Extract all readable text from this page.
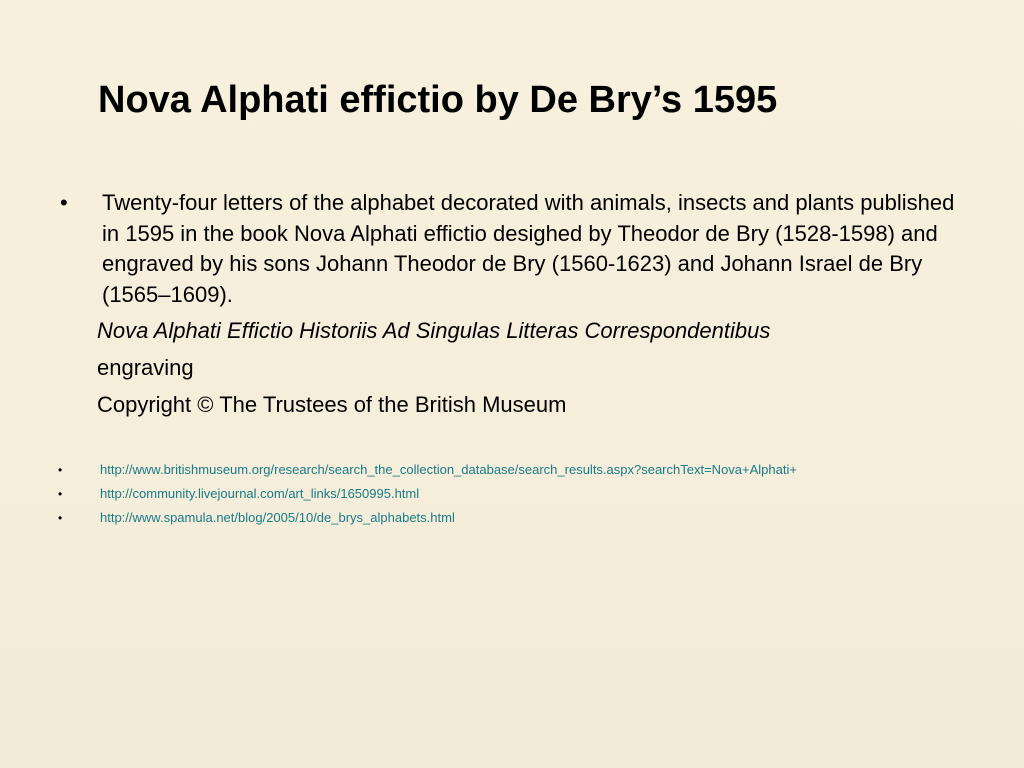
Nova Alphati effictio by De Bry’s 1595
• Twenty-four letters of the alphabet decorated with animals, insects and plants published in 1595 in the book Nova Alphati effictio desighed by Theodor de Bry (1528-1598) and engraved by his sons Johann Theodor de Bry (1560-1623) and Johann Israel de Bry (1565–1609).
Nova Alphati Effictio Historiis Ad Singulas Litteras Correspondentibus
engraving
Copyright © The Trustees of the British Museum
•	http://www.britishmuseum.org/research/search_the_collection_database/search_results.aspx?searchText=Nova+Alphati+
•	http://community.livejournal.com/art_links/1650995.html
•	http://www.spamula.net/blog/2005/10/de_brys_alphabets.html
